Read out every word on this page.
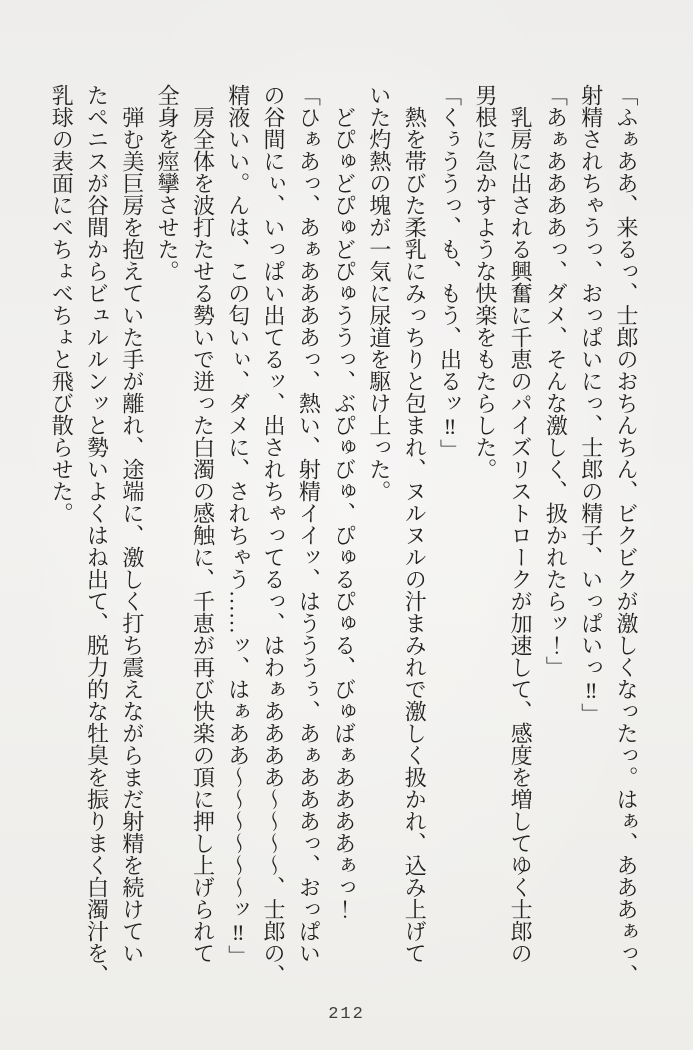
「ふぁああ、来るっ、士郎のおちんちん、ビクビクが激しくなったっ。はぁ、あああぁっ、
射精されちゃうっ、おっぱいにっ、士郎の精子、いっぱいっ‼」
「あぁああああっ、ダメ、そんな激しく、扱かれたらッ！」
乳房に出される興奮に千恵のパイズリストロークが加速して、感度を増してゆく士郎の
男根に急かすような快楽をもたらした。
「くぅううっ、も、もう、出るッ‼」
熱を帯びた柔乳にみっちりと包まれ、ヌルヌルの汁まみれで激しく扱かれ、込み上げて
いた灼熱の塊が一気に尿道を駆け上った。
どぴゅどぴゅどぴゅううっ、ぶぴゅびゅ、ぴゅるぴゅる、びゅばぁああああぁっ！
「ひぁあっ、あぁああああっ、熱い、射精イイッ、はうううぅ、あぁあああっ、おっぱい
の谷間にぃ、いっぱい出てるッ、出されちゃってるっ、はわぁああああ～～～～、士郎の、
精液いい。んは、この匂いぃ、ダメに、されちゃう……ッ、はぁああ～～～～～～ッ‼」
房全体を波打たせる勢いで迸った白濁の感触に、千恵が再び快楽の頂に押し上げられて
全身を痙攣させた。
弾む美巨房を抱えていた手が離れ、途端に、激しく打ち震えながらまだ射精を続けてい
たペニスが谷間からビュルルンッと勢いよくはね出て、脱力的な牡臭を振りまく白濁汁を、
乳球の表面にべちょべちょと飛び散らせた。
212
